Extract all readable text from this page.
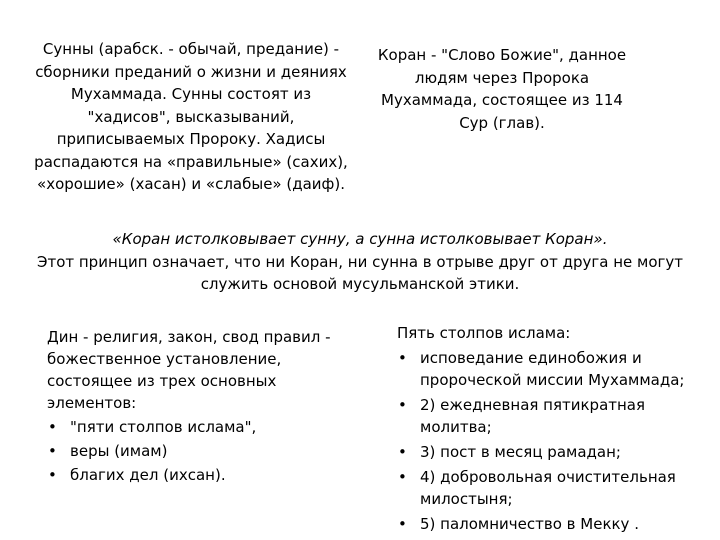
Сунны (арабск. - обычай, предание) - сборники преданий о жизни и деяниях Мухаммада. Сунны состоят из "хадисов", высказываний, приписываемых Пророку. Хадисы распадаются на «правильные» (сахих), «хорошие» (хасан) и «слабые» (даиф).
Коран - "Слово Божие", данное людям через Пророка Мухаммада, состоящее из 114 Сур (глав).
«Коран истолковывает сунну, а сунна истолковывает Коран».
Этот принцип означает, что ни Коран, ни сунна в отрыве друг от друга не могут служить основой мусульманской этики.
Дин - религия, закон, свод правил - божественное установление, состоящее из трех основных элементов:
• "пяти столпов ислама",
• веры (имам)
• благих дел (ихсан).
Пять столпов ислама:
• исповедание единобожия и пророческой миссии Мухаммада;
• 2) ежедневная пятикратная молитва;
• 3) пост в месяц рамадан;
• 4) добровольная очистительная милостыня;
• 5) паломничество в Мекку .
